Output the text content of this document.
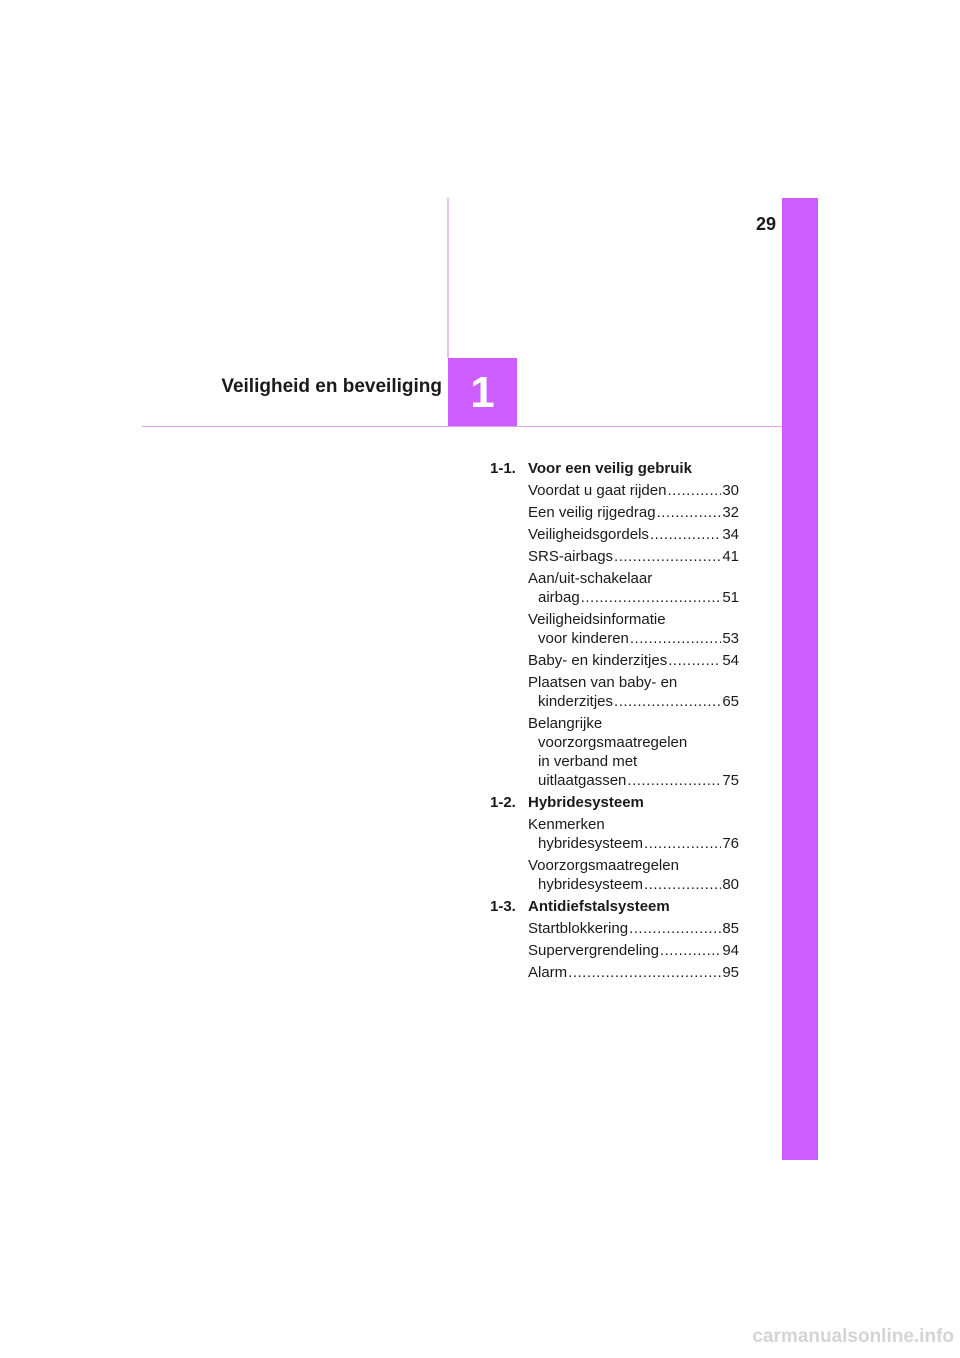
29
1
Veiligheid en beveiliging
1-1. Voor een veilig gebruik
Voordat u gaat rijden .....	30
Een veilig rijgedrag .....	32
Veiligheidsgordels .....	34
SRS-airbags .....	41
Aan/uit-schakelaar
airbag .....	51
Veiligheidsinformatie
voor kinderen .....	53
Baby- en kinderzitjes .....	54
Plaatsen van baby- en
kinderzitjes .....	65
Belangrijke
voorzorgsmaatregelen
in verband met
uitlaatgassen .....	75
1-2. Hybridesysteem
Kenmerken
hybridesysteem .....	76
Voorzorgsmaatregelen
hybridesysteem .....	80
1-3. Antidiefstalsysteem
Startblokkering .....	85
Supervergrendeling .....	94
Alarm .....	95
carmanualsonline.info
